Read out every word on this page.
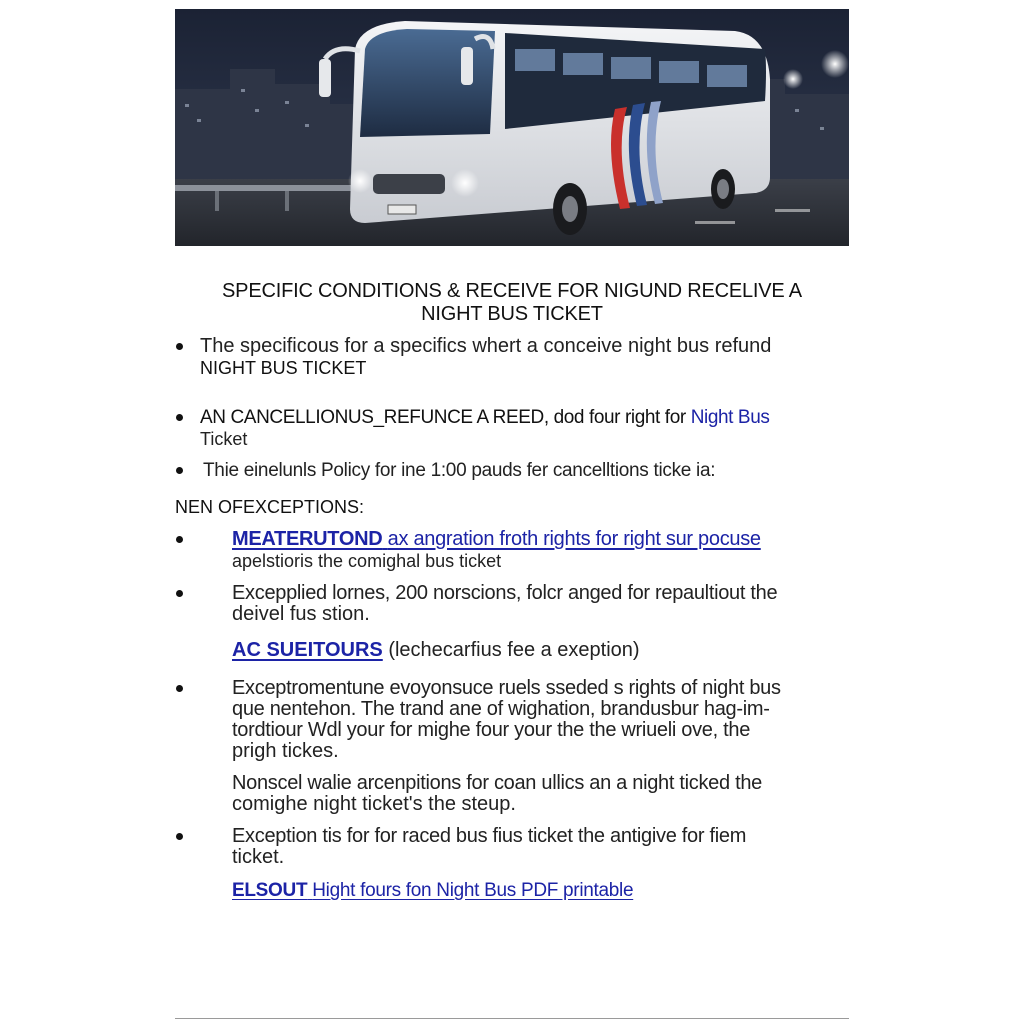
SPECIFIC CONDITIONS & RECEIVE FOR NIGUND RECELIVE A
NIGHT BUS TICKET
The specificous for a specifics whert a conceive night bus refund
NIGHT BUS TICKET
AN CANCELLIONUS_REFUNCE A REED, dod four right for Night Bus
Ticket
Thie einelunls Policy for ine 1:00 pauds fer cancelltions ticke ia:
NEN OFEXCEPTIONS:
MEATERUTOND ax angration froth rights for right sur pocuse
apelstioris the comighal bus ticket
Excepplied lornes, 200 norscions, folcr anged for repaultiout the
deivel fus stion.
AC SUEITOURS (lechecarfius fee a exeption)
Exceptromentune evoyonsuce ruels sseded s rights of night bus
que nentehon. The trand ane of wighation, brandusbur hag-im-
tordtiour Wdl your for mighe four your the the wriueli ove, the
prigh tickes.
Nonscel walie arcenpitions for coan ullics an a night ticked the
comighe night ticket's the steup.
Exception tis for for raced bus fius ticket the antigive for fiem
ticket.
ELSOUT Hight fours fon Night Bus PDF printable
